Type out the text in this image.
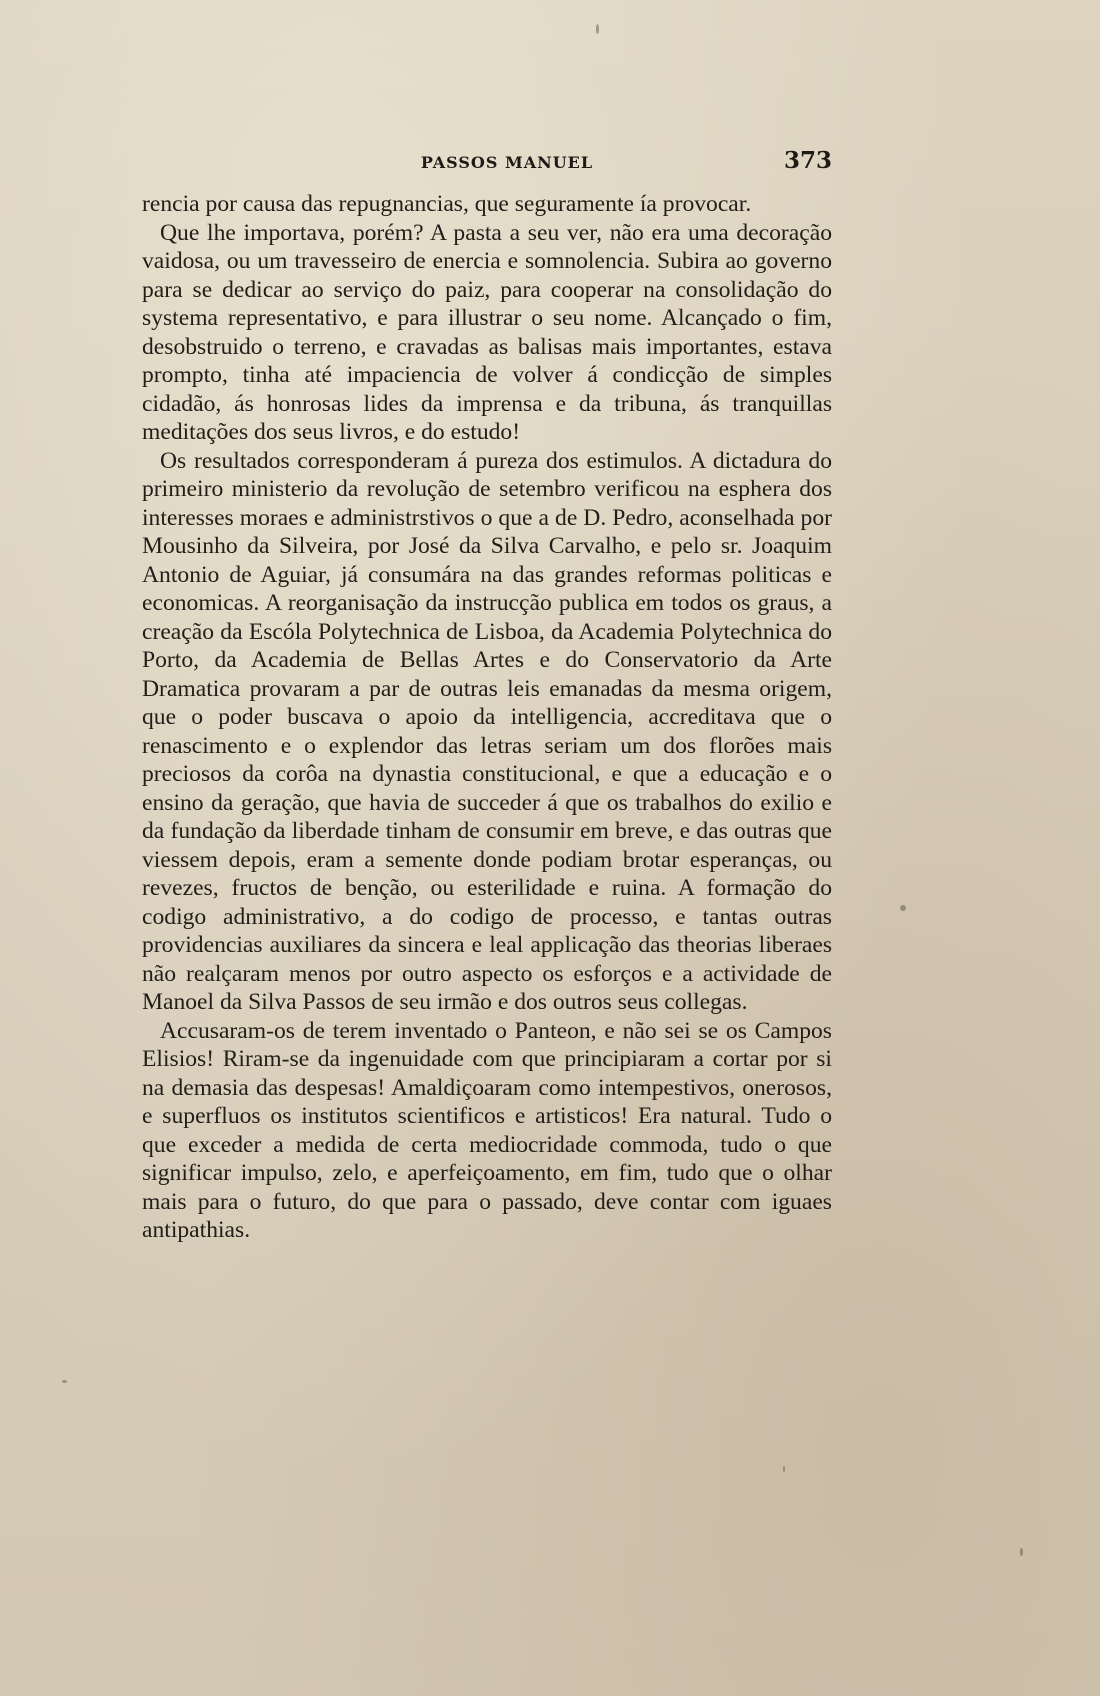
PASSOS MANUEL	373

rencia por causa das repugnancias, que seguramente ía provocar.

Que lhe importava, porém? A pasta a seu ver, não era uma decoração vaidosa, ou um travesseiro de enercia e somnolencia. Subira ao governo para se dedicar ao serviço do paiz, para cooperar na consolidação do systema representativo, e para illustrar o seu nome. Alcançado o fim, desobstruido o terreno, e cravadas as balisas mais importantes, estava prompto, tinha até impaciencia de volver á condicção de simples cidadão, ás honrosas lides da imprensa e da tribuna, ás tranquillas meditações dos seus livros, e do estudo!

Os resultados corresponderam á pureza dos estimulos. A dictadura do primeiro ministerio da revolução de setembro verificou na esphera dos interesses moraes e administrstivos o que a de D. Pedro, aconselhada por Mousinho da Silveira, por José da Silva Carvalho, e pelo sr. Joaquim Antonio de Aguiar, já consumára na das grandes reformas politicas e economicas. A reorganisação da instrucção publica em todos os graus, a creação da Escóla Polytechnica de Lisboa, da Academia Polytechnica do Porto, da Academia de Bellas Artes e do Conservatorio da Arte Dramatica provaram a par de outras leis emanadas da mesma origem, que o poder buscava o apoio da intelligencia, accreditava que o renascimento e o explendor das letras seriam um dos florões mais preciosos da corôa na dynastia constitucional, e que a educação e o ensino da geração, que havia de succeder á que os trabalhos do exilio e da fundação da liberdade tinham de consumir em breve, e das outras que viessem depois, eram a semente donde podiam brotar esperanças, ou revezes, fructos de benção, ou esterilidade e ruina. A formação do codigo administrativo, a do codigo de processo, e tantas outras providencias auxiliares da sincera e leal applicação das theorias liberaes não realçaram menos por outro aspecto os esforços e a actividade de Manoel da Silva Passos de seu irmão e dos outros seus collegas.

Accusaram-os de terem inventado o Panteon, e não sei se os Campos Elisios! Riram-se da ingenuidade com que principiaram a cortar por si na demasia das despesas! Amaldiçoaram como intempestivos, onerosos, e superfluos os institutos scientificos e artisticos! Era natural. Tudo o que exceder a medida de certa mediocridade commoda, tudo o que significar impulso, zelo, e aperfeiçoamento, em fim, tudo que o olhar mais para o futuro, do que para o passado, deve contar com iguaes antipathias.
